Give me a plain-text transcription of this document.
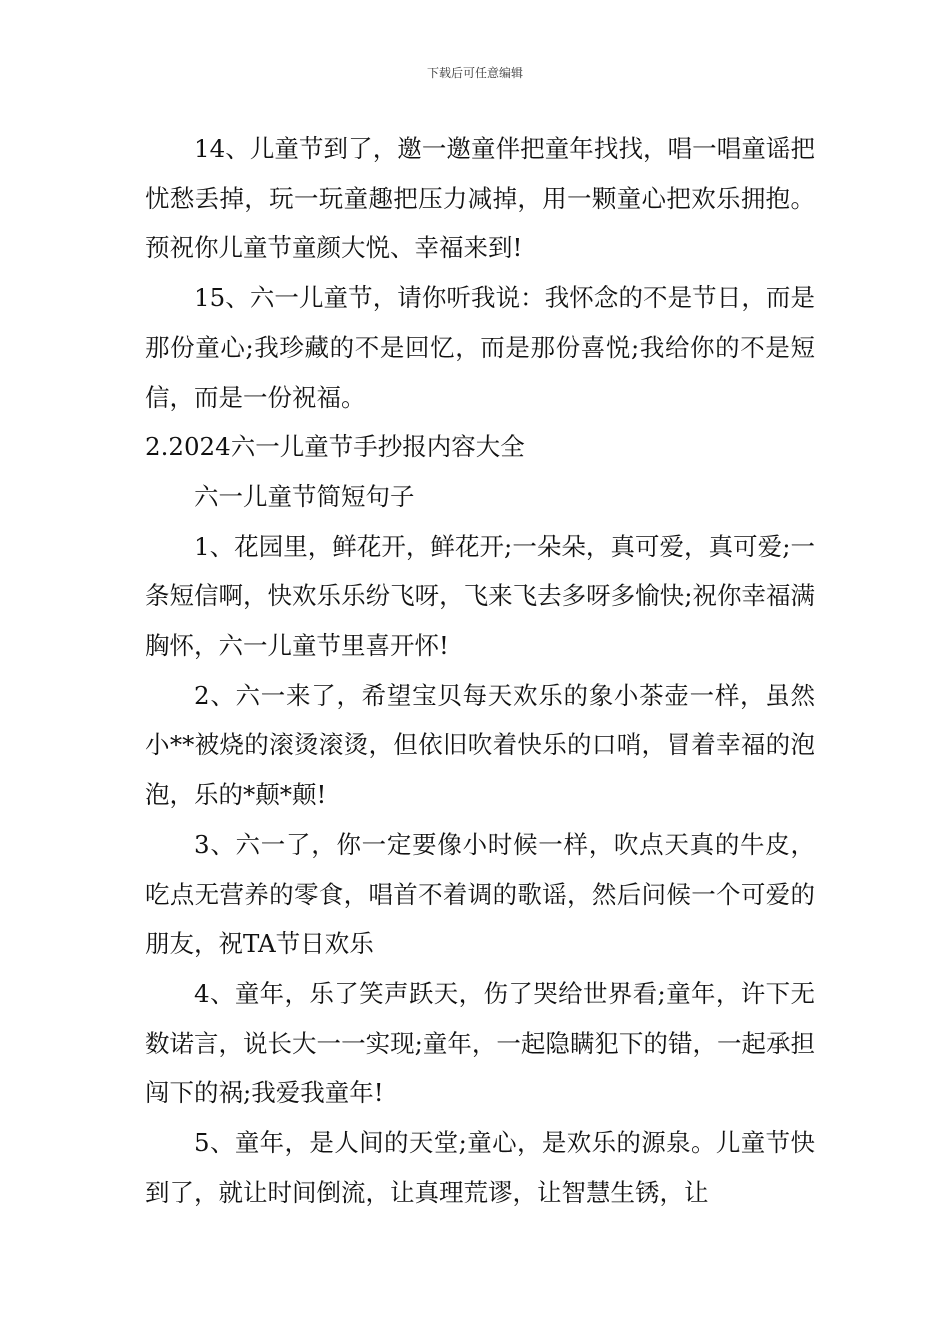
下载后可任意编辑

14、儿童节到了，邀一邀童伴把童年找找，唱一唱童谣把忧愁丢掉，玩一玩童趣把压力减掉，用一颗童心把欢乐拥抱。预祝你儿童节童颜大悦、幸福来到!

15、六一儿童节，请你听我说：我怀念的不是节日，而是那份童心;我珍藏的不是回忆，而是那份喜悦;我给你的不是短信，而是一份祝福。

2.2024六一儿童节手抄报内容大全

六一儿童节简短句子

1、花园里，鲜花开，鲜花开;一朵朵，真可爱，真可爱;一条短信啊，快欢乐乐纷飞呀，飞来飞去多呀多愉快;祝你幸福满胸怀，六一儿童节里喜开怀!

2、六一来了，希望宝贝每天欢乐的象小茶壶一样，虽然小**被烧的滚烫滚烫，但依旧吹着快乐的口哨，冒着幸福的泡泡，乐的*颠*颠!

3、六一了，你一定要像小时候一样，吹点天真的牛皮，吃点无营养的零食，唱首不着调的歌谣，然后问候一个可爱的朋友，祝TA节日欢乐

4、童年，乐了笑声跃天，伤了哭给世界看;童年，许下无数诺言，说长大一一实现;童年，一起隐瞒犯下的错，一起承担闯下的祸;我爱我童年!

5、童年，是人间的天堂;童心，是欢乐的源泉。儿童节快到了，就让时间倒流，让真理荒谬，让智慧生锈，让
